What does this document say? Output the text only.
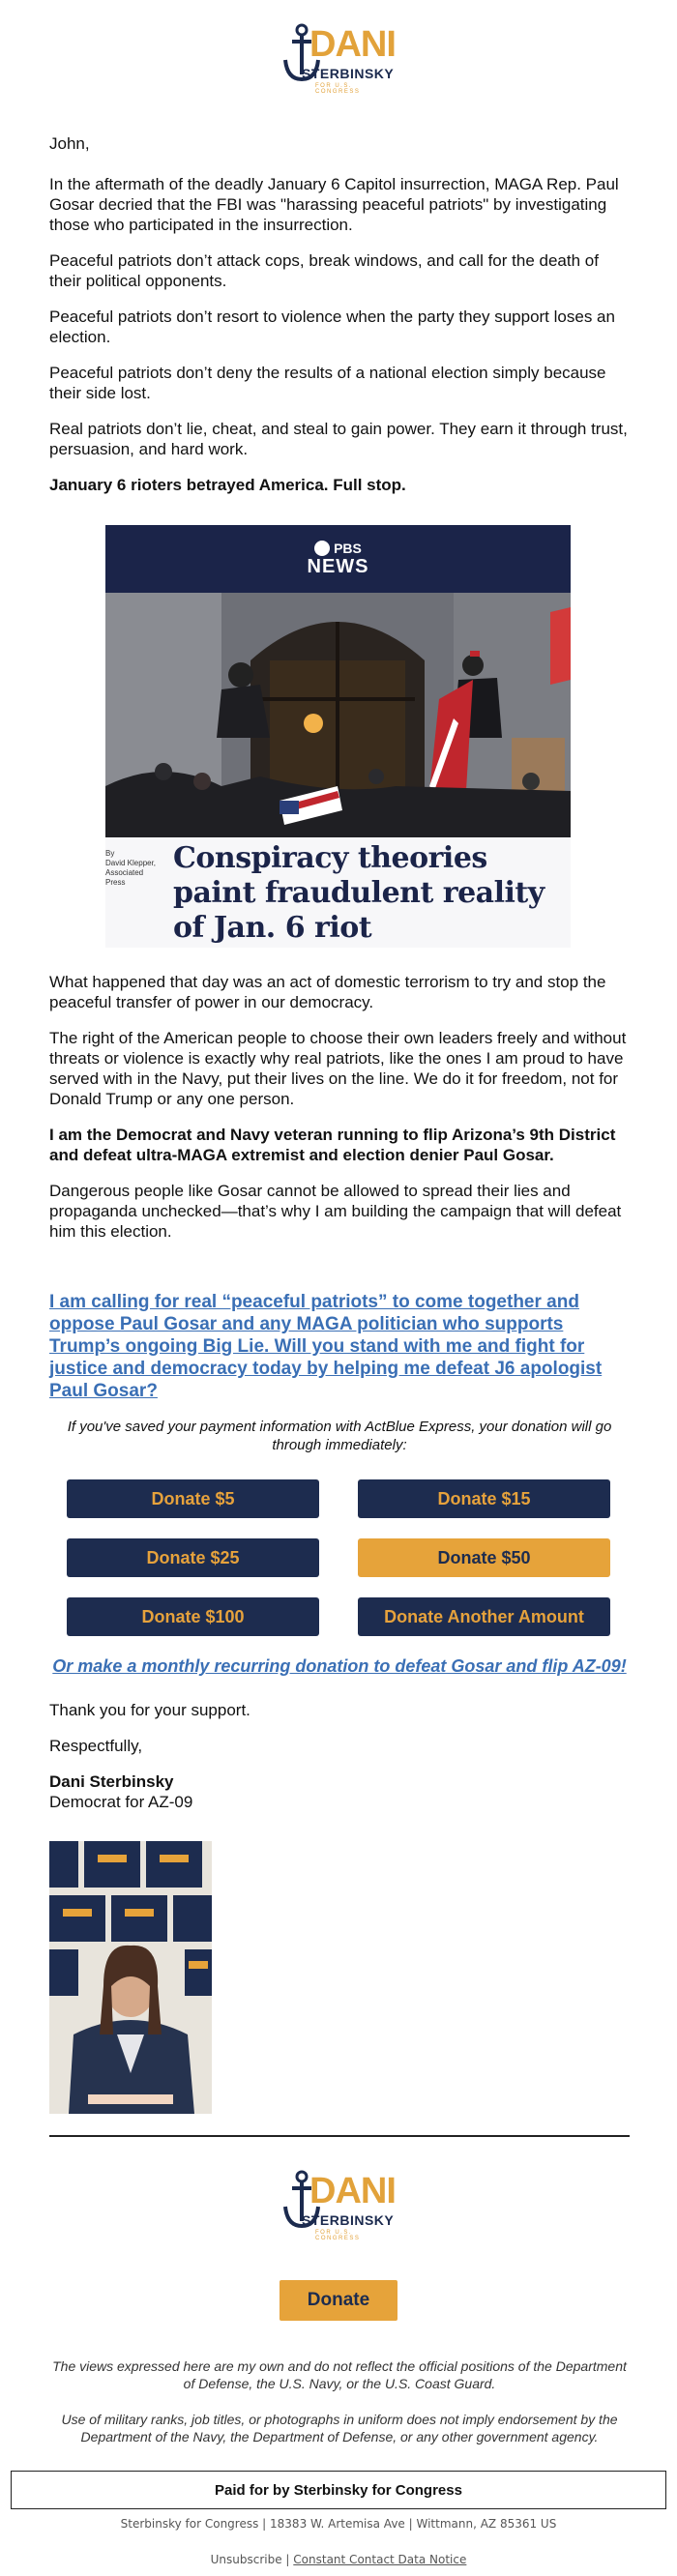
DANI
STERBINSKY
FOR U.S. CONGRESS

John,

In the aftermath of the deadly January 6 Capitol insurrection, MAGA Rep. Paul Gosar decried that the FBI was "harassing peaceful patriots" by investigating those who participated in the insurrection.

Peaceful patriots don’t attack cops, break windows, and call for the death of their political opponents.

Peaceful patriots don’t resort to violence when the party they support loses an election.

Peaceful patriots don’t deny the results of a national election simply because their side lost.

Real patriots don’t lie, cheat, and steal to gain power. They earn it through trust, persuasion, and hard work.

January 6 rioters betrayed America. Full stop.

PBS
NEWS
By
David Klepper, Associated Press
Conspiracy theories paint fraudulent reality of Jan. 6 riot

What happened that day was an act of domestic terrorism to try and stop the peaceful transfer of power in our democracy.

The right of the American people to choose their own leaders freely and without threats or violence is exactly why real patriots, like the ones I am proud to have served with in the Navy, put their lives on the line. We do it for freedom, not for Donald Trump or any one person.

I am the Democrat and Navy veteran running to flip Arizona’s 9th District and defeat ultra-MAGA extremist and election denier Paul Gosar.

Dangerous people like Gosar cannot be allowed to spread their lies and propaganda unchecked—that’s why I am building the campaign that will defeat him this election.

I am calling for real “peaceful patriots” to come together and oppose Paul Gosar and any MAGA politician who supports Trump’s ongoing Big Lie. Will you stand with me and fight for justice and democracy today by helping me defeat J6 apologist Paul Gosar?
If you've saved your payment information with ActBlue Express, your donation will go through immediately:
Donate $5	Donate $15
Donate $25	Donate $50
Donate $100	Donate Another Amount
Or make a monthly recurring donation to defeat Gosar and flip AZ-09!

Thank you for your support.

Respectfully,

Dani Sterbinsky
Democrat for AZ-09
DANI
STERBINSKY
FOR U.S. CONGRESS
Donate
The views expressed here are my own and do not reflect the official positions of the Department of Defense, the U.S. Navy, or the U.S. Coast Guard.
Use of military ranks, job titles, or photographs in uniform does not imply endorsement by the Department of the Navy, the Department of Defense, or any other government agency.
Paid for by Sterbinsky for Congress
Sterbinsky for Congress | 18383 W. Artemisa Ave | Wittmann, AZ 85361 US
Unsubscribe | Constant Contact Data Notice
